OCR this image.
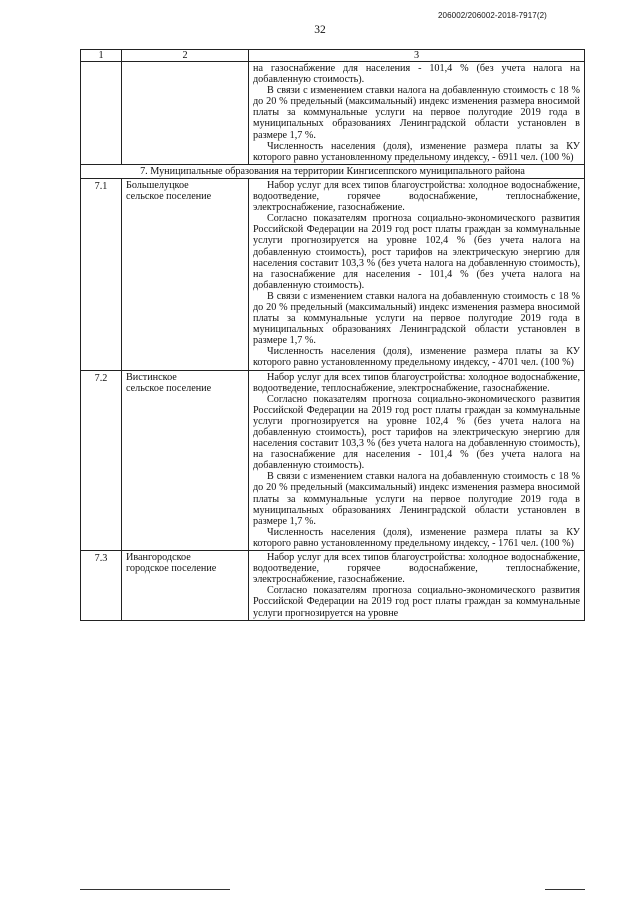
206002/206002-2018-7917(2)
32
1	2	3

		на газоснабжение для населения - 101,4 % (без учета налога на добавленную стоимость).
В связи с изменением ставки налога на добавленную стоимость с 18 % до 20 % предельный (максимальный) индекс изменения размера вносимой платы за коммунальные услуги на первое полугодие 2019 года в муниципальных образованиях Ленинградской области установлен в размере 1,7 %.
Численность населения (доля), изменение размера платы за КУ которого равно установленному предельному индексу, - 6911 чел. (100 %)

7. Муниципальные образования на территории Кингисеппского муниципального района		
7.1	Большелуцкое
сельское поселение	Набор услуг для всех типов благоустройства: холодное водоснабжение, водоотведение, горячее водоснабжение, теплоснабжение, электроснабжение, газоснабжение.
Согласно показателям прогноза социально-экономического развития Российской Федерации на 2019 год рост платы граждан за коммунальные услуги прогнозируется на уровне 102,4 % (без учета налога на добавленную стоимость), рост тарифов на электрическую энергию для населения составит 103,3 % (без учета налога на добавленную стоимость), на газоснабжение для населения - 101,4 % (без учета налога на добавленную стоимость).
В связи с изменением ставки налога на добавленную стоимость с 18 % до 20 % предельный (максимальный) индекс изменения размера вносимой платы за коммунальные услуги на первое полугодие 2019 года в муниципальных образованиях Ленинградской области установлен в размере 1,7 %.
Численность населения (доля), изменение размера платы за КУ которого равно установленному предельному индексу, - 4701 чел. (100 %)

7.2	Вистинское
сельское поселение	Набор услуг для всех типов благоустройства: холодное водоснабжение, водоотведение, теплоснабжение, электроснабжение, газоснабжение.
Согласно показателям прогноза социально-экономического развития Российской Федерации на 2019 год рост платы граждан за коммунальные услуги прогнозируется на уровне 102,4 % (без учета налога на добавленную стоимость), рост тарифов на электрическую энергию для населения составит 103,3 % (без учета налога на добавленную стоимость), на газоснабжение для населения - 101,4 % (без учета налога на добавленную стоимость).
В связи с изменением ставки налога на добавленную стоимость с 18 % до 20 % предельный (максимальный) индекс изменения размера вносимой платы за коммунальные услуги на первое полугодие 2019 года в муниципальных образованиях Ленинградской области установлен в размере 1,7 %.
Численность населения (доля), изменение размера платы за КУ которого равно установленному предельному индексу, - 1761 чел. (100 %)

7.3	Ивангородское
городское поселение	Набор услуг для всех типов благоустройства: холодное водоснабжение, водоотведение, горячее водоснабжение, теплоснабжение, электроснабжение, газоснабжение.
Согласно показателям прогноза социально-экономического развития Российской Федерации на 2019 год рост платы граждан за коммунальные услуги прогнозируется на уровне
